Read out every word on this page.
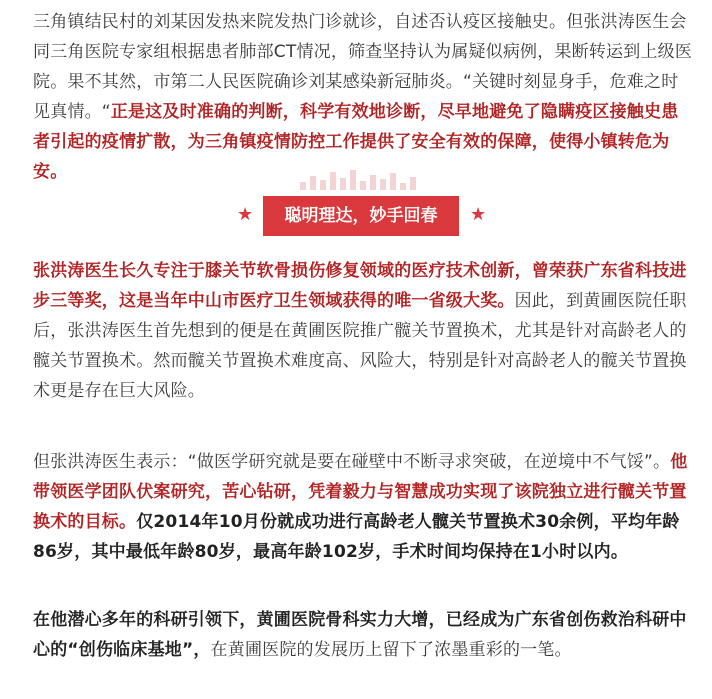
三角镇结民村的刘某因发热来院发热门诊就诊，自述否认疫区接触史。但张洪涛医生会同三角医院专家组根据患者肺部CT情况，筛查坚持认为属疑似病例，果断转运到上级医院。果不其然，市第二人民医院确诊刘某感染新冠肺炎。“关键时刻显身手，危难之时见真情。“正是这及时准确的判断，科学有效地诊断，尽早地避免了隐瞒疫区接触史患者引起的疫情扩散，为三角镇疫情防控工作提供了安全有效的保障，使得小镇转危为安。

★	聪明理达，妙手回春	★

张洪涛医生长久专注于膝关节软骨损伤修复领域的医疗技术创新，曾荣获广东省科技进步三等奖，这是当年中山市医疗卫生领域获得的唯一省级大奖。因此，到黄圃医院任职后，张洪涛医生首先想到的便是在黄圃医院推广髋关节置换术，尤其是针对高龄老人的髋关节置换术。然而髋关节置换术难度高、风险大，特别是针对高龄老人的髋关节置换术更是存在巨大风险。

但张洪涛医生表示：“做医学研究就是要在碰壁中不断寻求突破，在逆境中不气馁”。他带领医学团队伏案研究，苦心钻研，凭着毅力与智慧成功实现了该院独立进行髋关节置换术的目标。仅2014年10月份就成功进行高龄老人髋关节置换术30余例，平均年龄86岁，其中最低年龄80岁，最高年龄102岁，手术时间均保持在1小时以内。

在他潜心多年的科研引领下，黄圃医院骨科实力大增，已经成为广东省创伤救治科研中心的“创伤临床基地”，在黄圃医院的发展历上留下了浓墨重彩的一笔。
